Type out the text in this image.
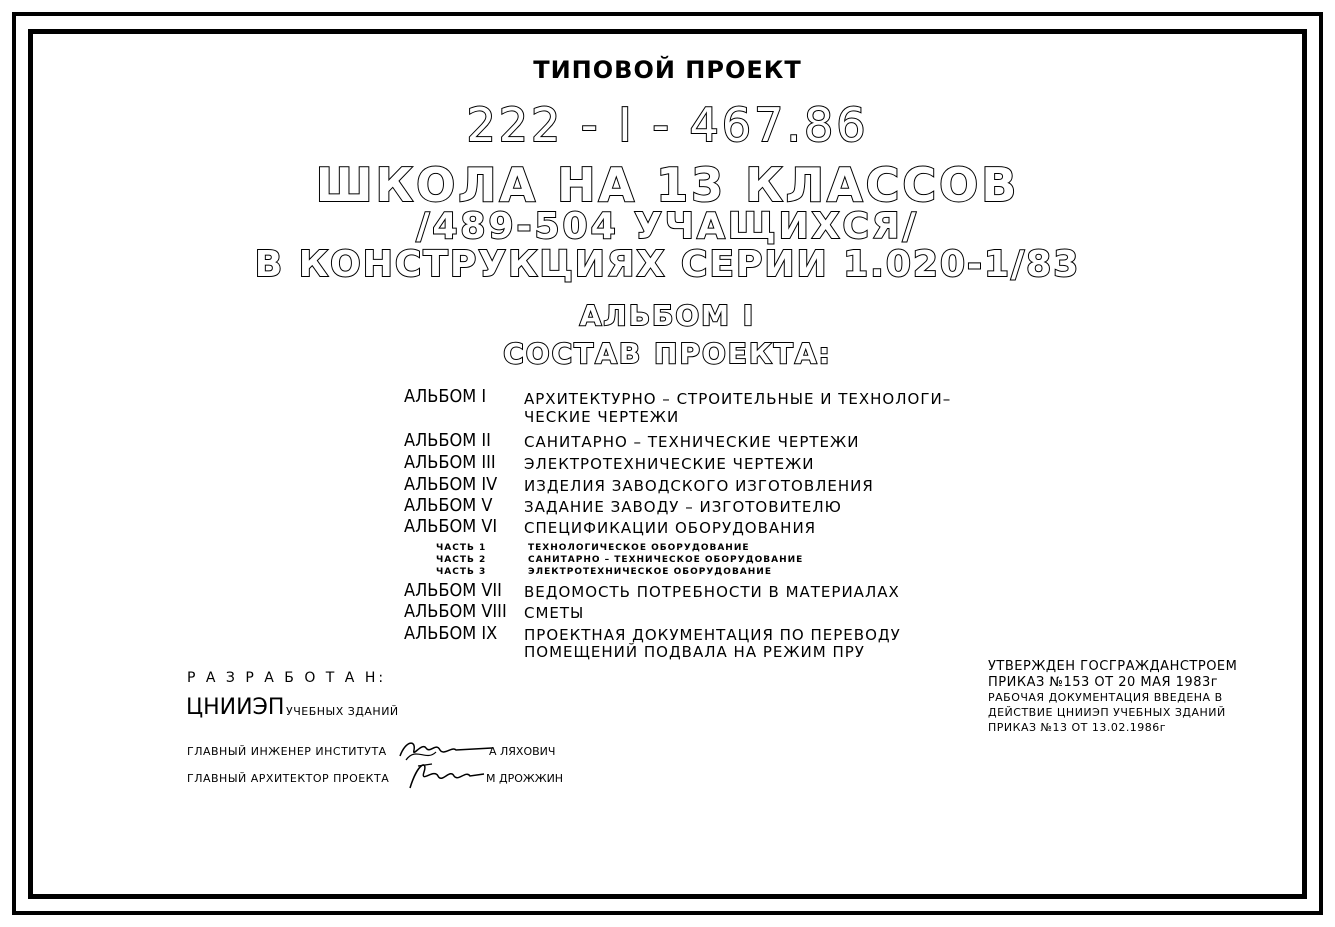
ТИПОВОЙ ПРОЕКТ
222 - I - 467.86
ШКОЛА НА 13 КЛАССОВ
/489-504 УЧАЩИХСЯ/
В КОНСТРУКЦИЯХ СЕРИИ 1.020-1/83
АЛЬБОМ I
СОСТАВ ПРОЕКТА:
АЛЬБОМ I	АРХИТЕКТУРНО – СТРОИТЕЛЬНЫЕ И ТЕХНОЛОГИ–
ЧЕСКИЕ ЧЕРТЕЖИ
АЛЬБОМ II САНИТАРНО – ТЕХНИЧЕСКИЕ ЧЕРТЕЖИ
АЛЬБОМ III ЭЛЕКТРОТЕХНИЧЕСКИЕ ЧЕРТЕЖИ
АЛЬБОМ IV ИЗДЕЛИЯ ЗАВОДСКОГО ИЗГОТОВЛЕНИЯ
АЛЬБОМ V ЗАДАНИЕ ЗАВОДУ – ИЗГОТОВИТЕЛЮ
АЛЬБОМ VI СПЕЦИФИКАЦИИ ОБОРУДОВАНИЯ
ЧАСТЬ 1	ТЕХНОЛОГИЧЕСКОЕ ОБОРУДОВАНИЕ
ЧАСТЬ 2	САНИТАРНО – ТЕХНИЧЕСКОЕ ОБОРУДОВАНИЕ
ЧАСТЬ 3	ЭЛЕКТРОТЕХНИЧЕСКОЕ ОБОРУДОВАНИЕ
АЛЬБОМ VII ВЕДОМОСТЬ ПОТРЕБНОСТИ В МАТЕРИАЛАХ
АЛЬБОМ VIII СМЕТЫ
АЛЬБОМ IX ПРОЕКТНАЯ ДОКУМЕНТАЦИЯ ПО ПЕРЕВОДУ
ПОМЕЩЕНИЙ ПОДВАЛА НА РЕЖИМ ПРУ
Р А З Р А Б О Т А Н:
ЦНИИЭП УЧЕБНЫХ ЗДАНИЙ
ГЛАВНЫЙ ИНЖЕНЕР ИНСТИТУТА	А ЛЯХОВИЧ
ГЛАВНЫЙ АРХИТЕКТОР ПРОЕКТА	М ДРОЖЖИН
УТВЕРЖДЕН ГОСГРАЖДАНСТРОЕМ
ПРИКАЗ №153 ОТ 20 МАЯ 1983г
РАБОЧАЯ ДОКУМЕНТАЦИЯ ВВЕДЕНА В
ДЕЙСТВИЕ ЦНИИЭП УЧЕБНЫХ ЗДАНИЙ
ПРИКАЗ №13 ОТ 13.02.1986г
